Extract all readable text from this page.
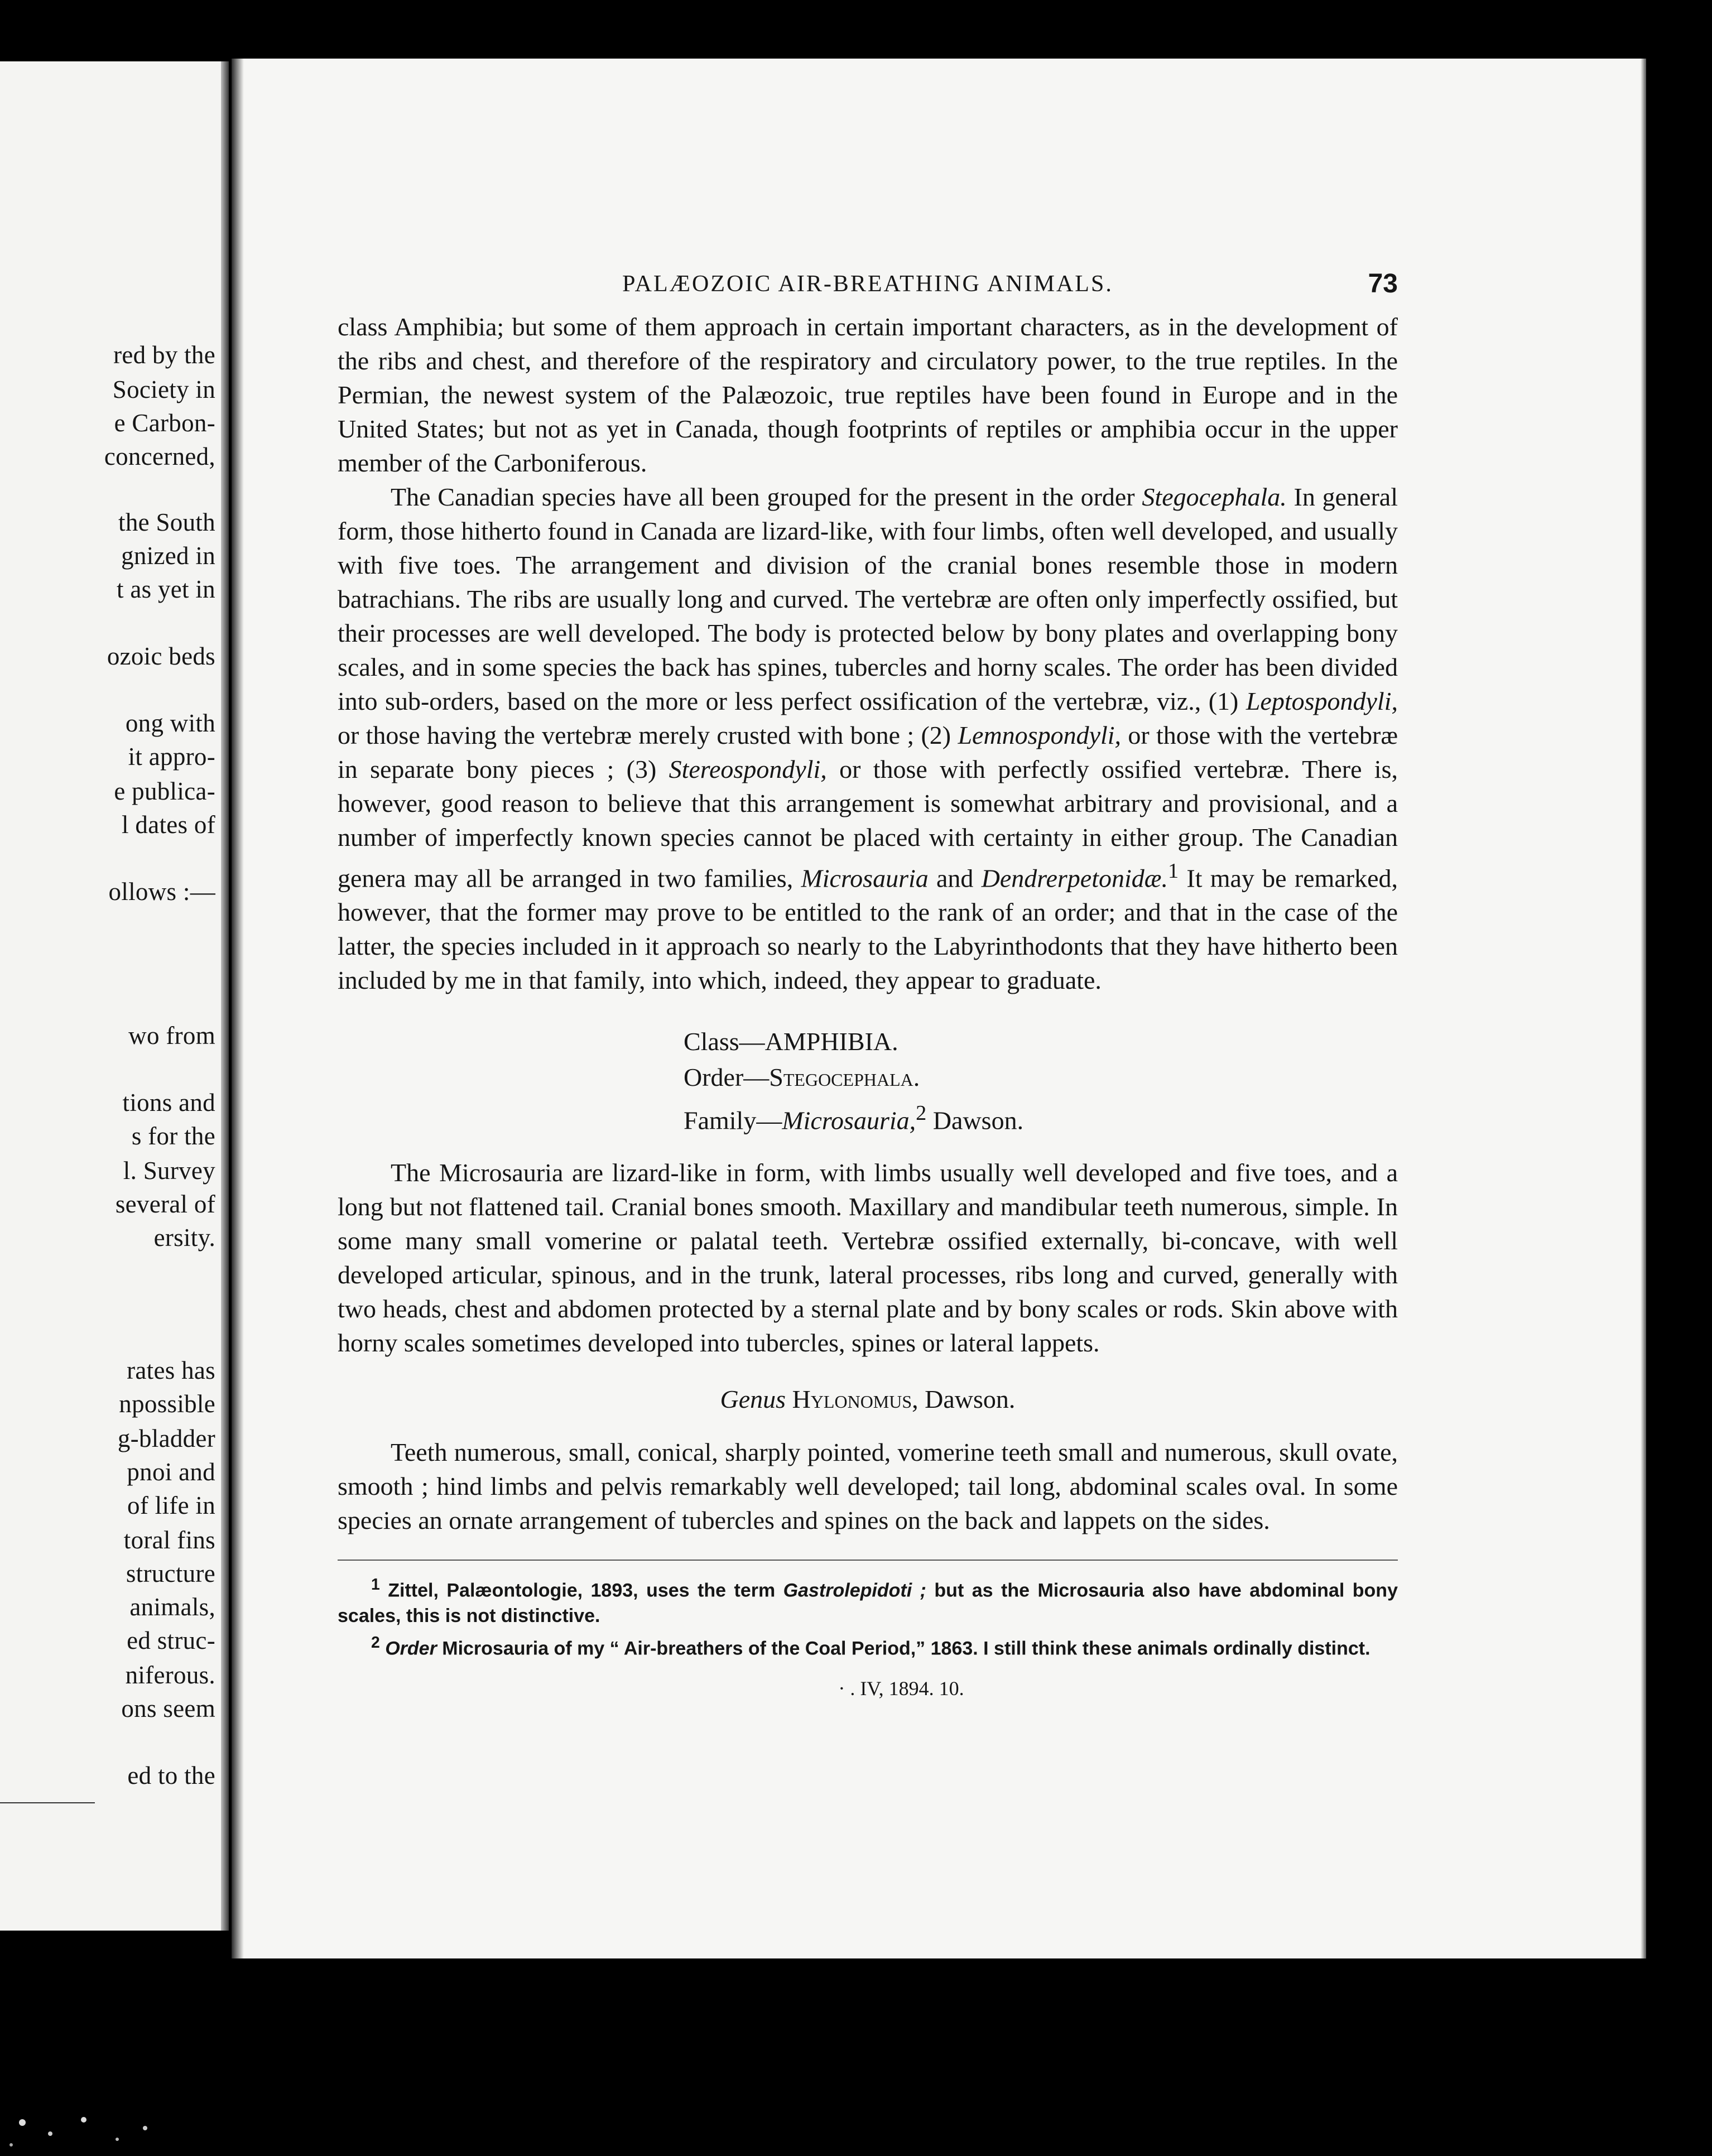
red by the
Society in
e Carbon-
concerned,
the South
gnized in
t as yet in
ozoic beds
ong with
it appro-
e publica-
l dates of
ollows :—
wo from
tions and
s for the
l. Survey
several of
ersity.
rates has
npossible
g-bladder
pnoi and
of life in
toral fins
structure
animals,
ed struc-
niferous.
ons seem
ed to the
PALÆOZOIC AIR-BREATHING ANIMALS.	73

class Amphibia; but some of them approach in certain important characters, as in the development of the ribs and chest, and therefore of the respiratory and circulatory power, to the true reptiles. In the Permian, the newest system of the Palæozoic, true reptiles have been found in Europe and in the United States; but not as yet in Canada, though footprints of reptiles or amphibia occur in the upper member of the Carboniferous.

The Canadian species have all been grouped for the present in the order Stegocephala. In general form, those hitherto found in Canada are lizard-like, with four limbs, often well developed, and usually with five toes. The arrangement and division of the cranial bones resemble those in modern batrachians. The ribs are usually long and curved. The vertebræ are often only imperfectly ossified, but their processes are well developed. The body is protected below by bony plates and overlapping bony scales, and in some species the back has spines, tubercles and horny scales. The order has been divided into sub-orders, based on the more or less perfect ossification of the vertebræ, viz., (1) Leptospondyli, or those having the vertebræ merely crusted with bone ; (2) Lemnospondyli, or those with the vertebræ in separate bony pieces ; (3) Stereospondyli, or those with perfectly ossified vertebræ. There is, however, good reason to believe that this arrangement is somewhat arbitrary and provisional, and a number of imperfectly known species cannot be placed with certainty in either group. The Canadian genera may all be arranged in two families, Microsauria and Dendrerpetonidæ.$^1$ It may be remarked, however, that the former may prove to be entitled to the rank of an order; and that in the case of the latter, the species included in it approach so nearly to the Labyrinthodonts that they have hitherto been included by me in that family, into which, indeed, they appear to graduate.

Class—AMPHIBIA.
Order—Stegocephala.
Family—Microsauria,$^2$ Dawson.

The Microsauria are lizard-like in form, with limbs usually well developed and five toes, and a long but not flattened tail. Cranial bones smooth. Maxillary and mandibular teeth numerous, simple. In some many small vomerine or palatal teeth. Vertebræ ossified externally, bi-concave, with well developed articular, spinous, and in the trunk, lateral processes, ribs long and curved, generally with two heads, chest and abdomen protected by a sternal plate and by bony scales or rods. Skin above with horny scales sometimes developed into tubercles, spines or lateral lappets.

Genus Hylonomus, Dawson.

Teeth numerous, small, conical, sharply pointed, vomerine teeth small and numerous, skull ovate, smooth ; hind limbs and pelvis remarkably well developed; tail long, abdominal scales oval. In some species an ornate arrangement of tubercles and spines on the back and lappets on the sides.

$^1$ Zittel, Palæontologie, 1893, uses the term Gastrolepidoti ; but as the Microsauria also have abdominal bony scales, this is not distinctive.

$^2$ Order Microsauria of my “ Air-breathers of the Coal Period,” 1863. I still think these animals ordinally distinct.

· . IV, 1894. 10.
